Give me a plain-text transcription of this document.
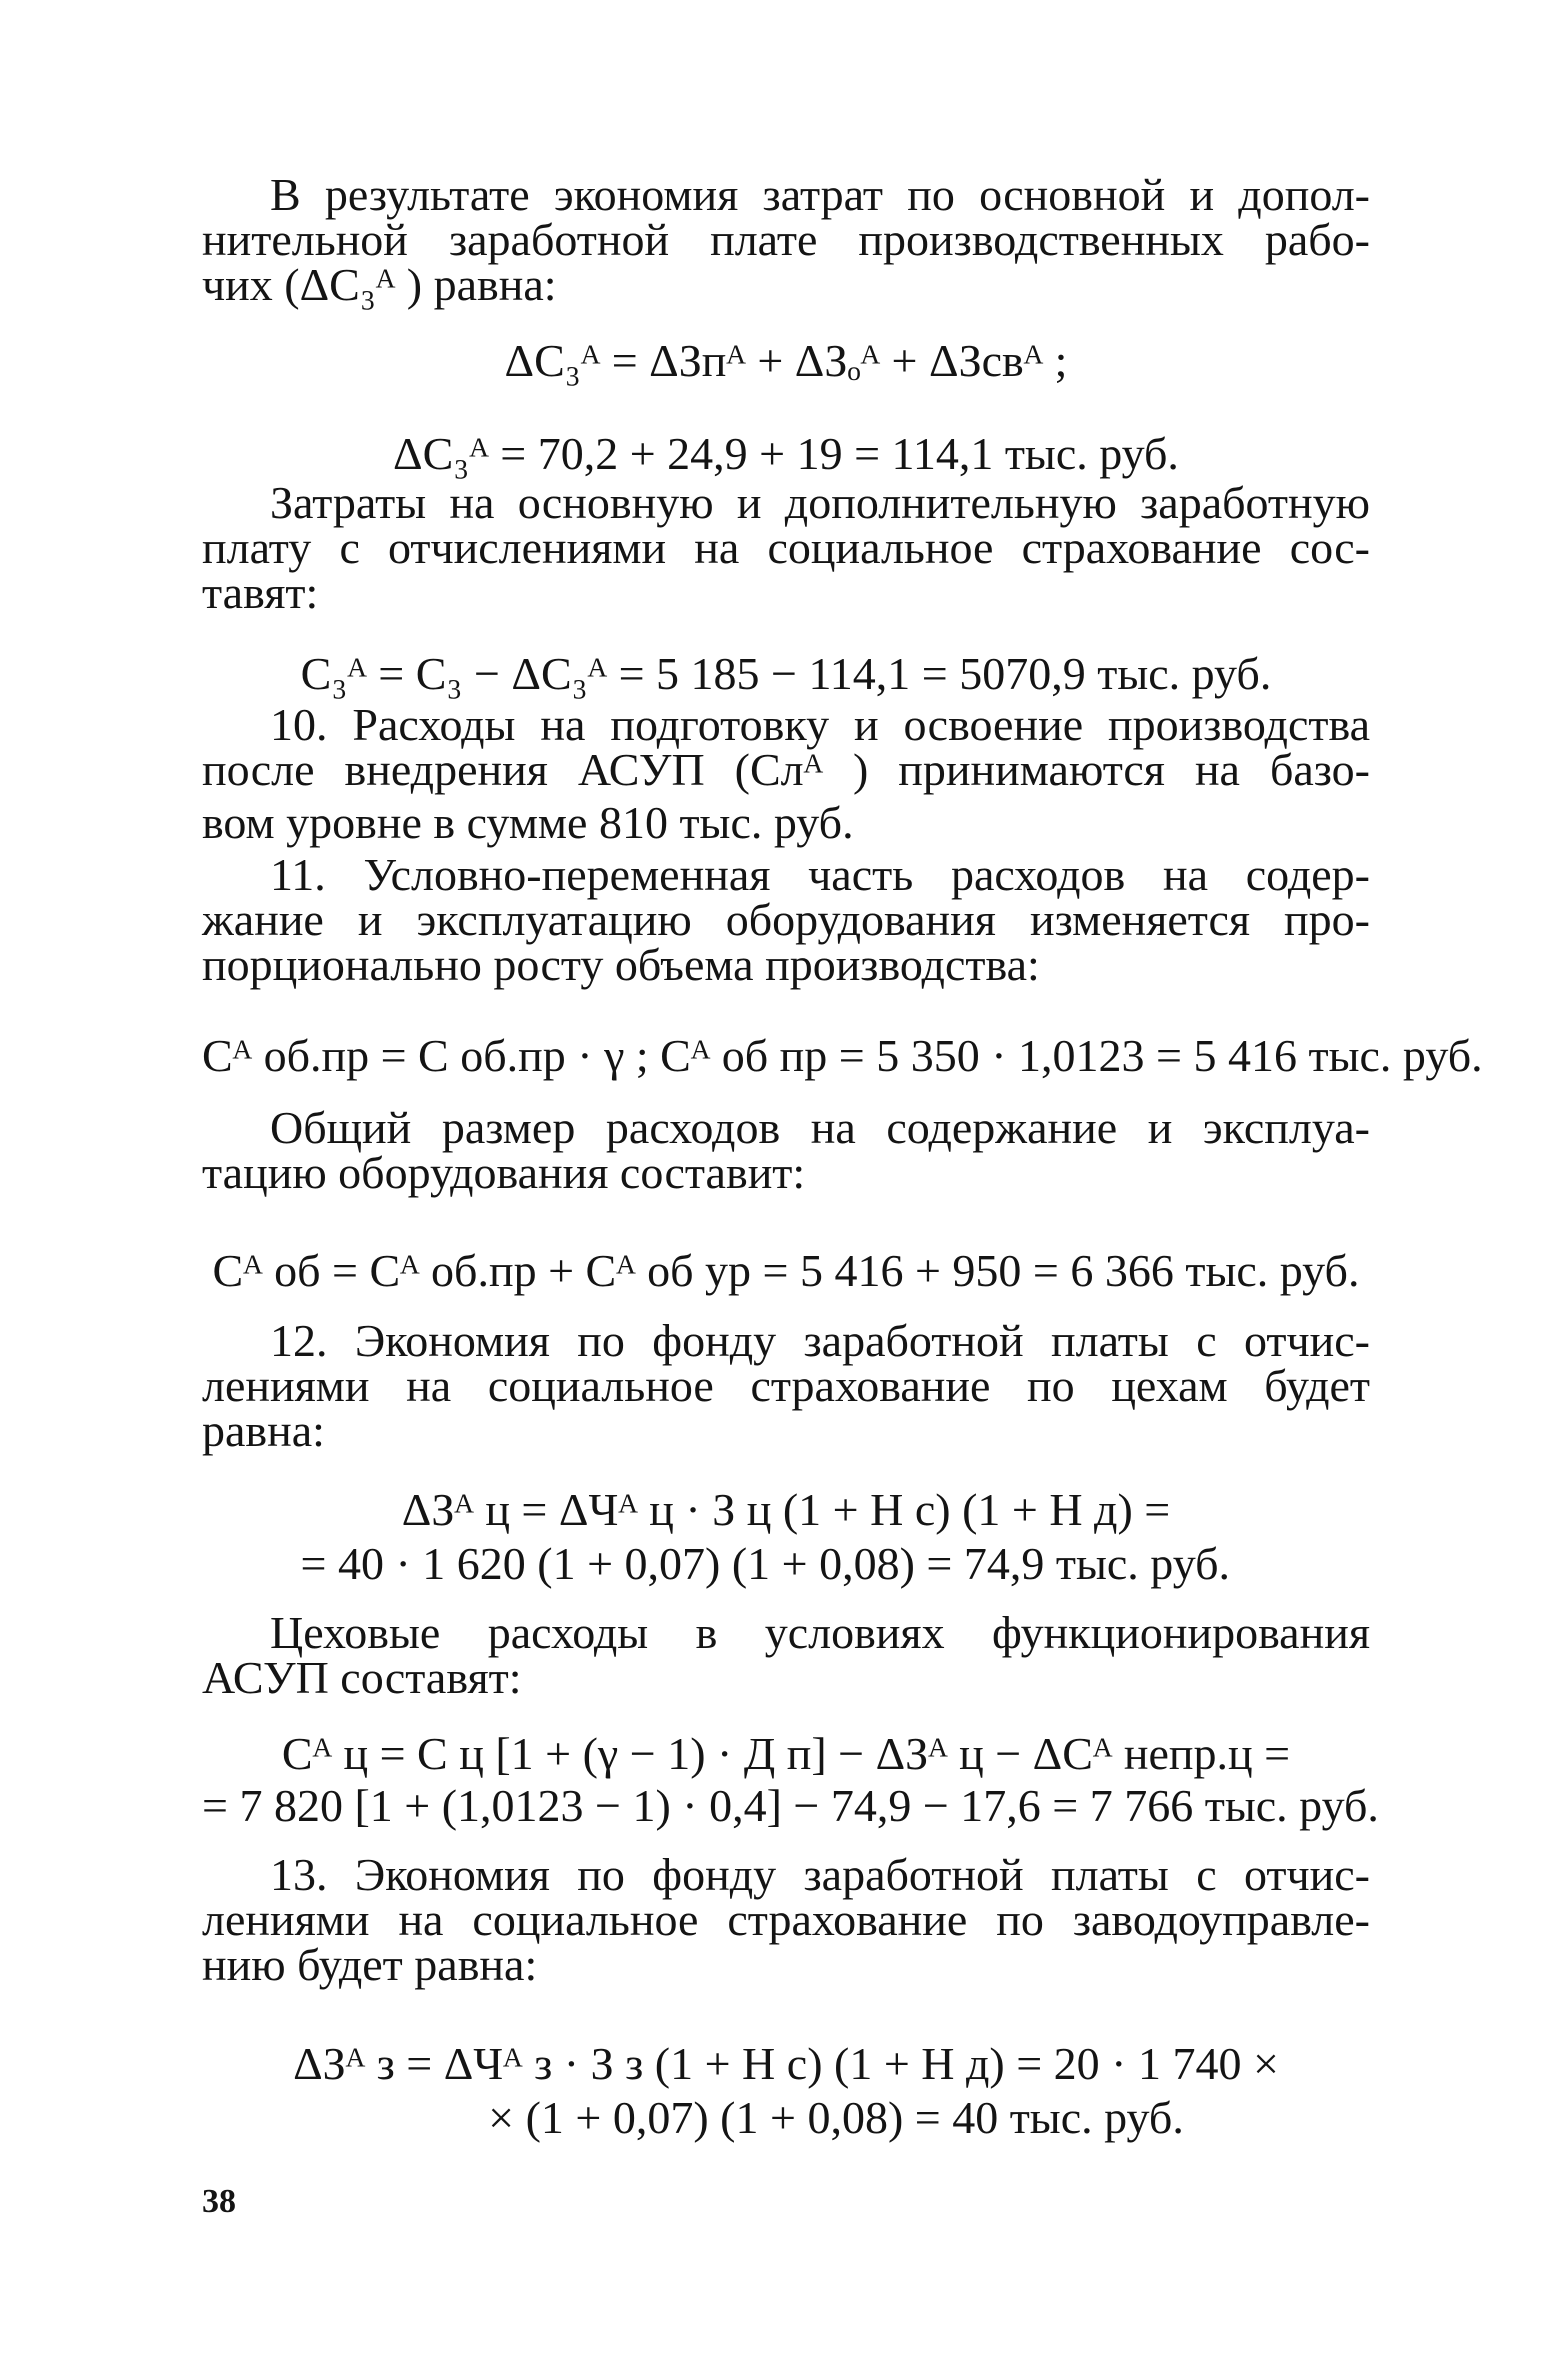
В результате экономия затрат по основной и допол-
нительной заработной плате производственных рабо-
чих (ΔC₃ᴬ ) равна:
ΔC₃ᴬ = ΔЗпᴬ + ΔЗₒᴬ + ΔЗсвᴬ ;
ΔC₃ᴬ = 70,2 + 24,9 + 19 = 114,1 тыс. руб.
Затраты на основную и дополнительную заработную
плату с отчислениями на социальное страхование сос-
тавят:
C₃ᴬ = C₃ − ΔC₃ᴬ = 5 185 − 114,1 = 5070,9 тыс. руб.
10. Расходы на подготовку и освоение производства
после внедрения АСУП (Cлᴬ ) принимаются на базо-
вом уровне в сумме 810 тыс. руб.
11. Условно-переменная часть расходов на содер-
жание и эксплуатацию оборудования изменяется про-
порционально росту объема производства:
Cᴬ об.пр = C об.пр · γ ; Cᴬ об пр = 5 350 · 1,0123 = 5 416 тыс. руб.
Общий размер расходов на содержание и эксплуа-
тацию оборудования составит:
Cᴬ об = Cᴬ об.пр + Cᴬ об ур = 5 416 + 950 = 6 366 тыс. руб.
12. Экономия по фонду заработной платы с отчис-
лениями на социальное страхование по цехам будет
равна:
ΔЗᴬ ц = ΔЧᴬ ц · З ц (1 + Н с) (1 + Н д) =
= 40 · 1 620 (1 + 0,07) (1 + 0,08) = 74,9 тыс. руб.
Цеховые расходы в условиях функционирования
АСУП составят:
Cᴬ ц = C ц [1 + (γ − 1) · Д п] − ΔЗᴬ ц − ΔCᴬ непр.ц =
= 7 820 [1 + (1,0123 − 1) · 0,4] − 74,9 − 17,6 = 7 766 тыс. руб.
13. Экономия по фонду заработной платы с отчис-
лениями на социальное страхование по заводоуправле-
нию будет равна:
ΔЗᴬ з = ΔЧᴬ з · З з (1 + Н с) (1 + Н д) = 20 · 1 740 ×
× (1 + 0,07) (1 + 0,08) = 40 тыс. руб.
38
